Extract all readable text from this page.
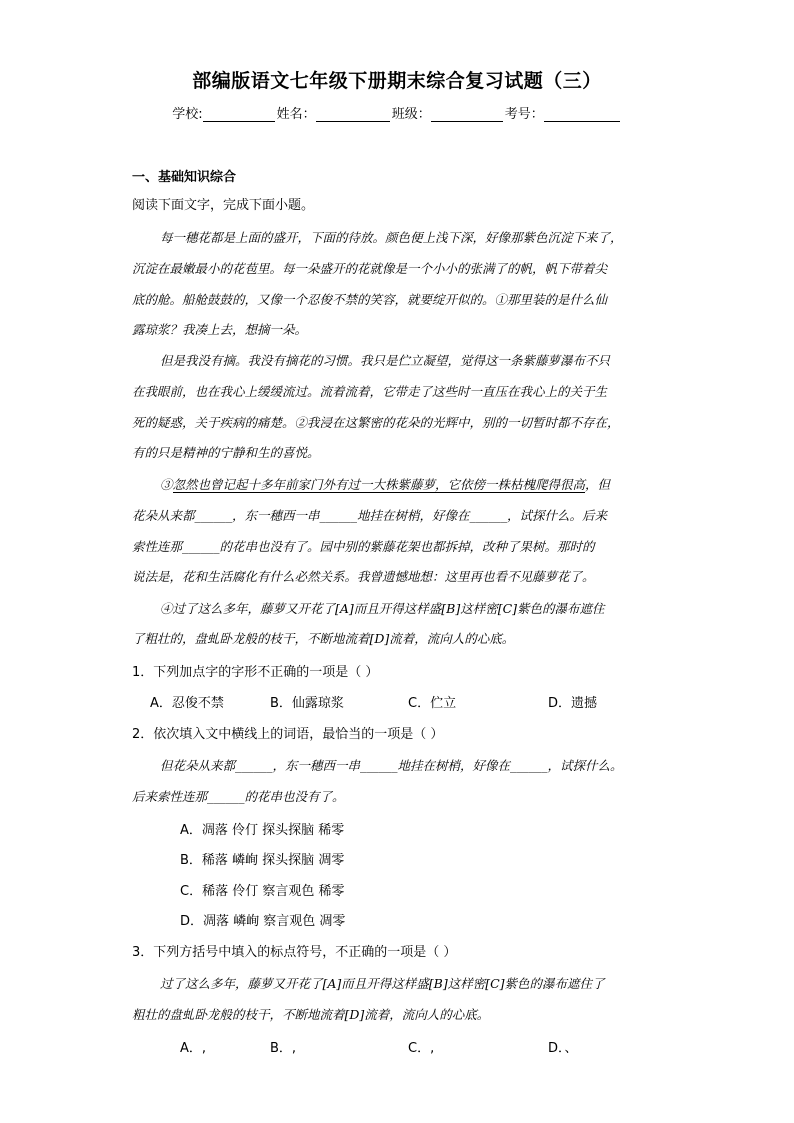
部编版语文七年级下册期末综合复习试题（三）
学校:	姓名：	班级：	考号：
一、基础知识综合
阅读下面文字，完成下面小题。
每一穗花都是上面的盛开，下面的待放。颜色便上浅下深，好像那紫色沉淀下来了，
沉淀在最嫩最小的花苞里。每一朵盛开的花就像是一个小小的张满了的帆，帆下带着尖
底的舱。船舱鼓鼓的，又像一个忍俊不禁的笑容，就要绽开似的。①那里装的是什么仙
露琼浆？我凑上去，想摘一朵。
但是我没有摘。我没有摘花的习惯。我只是伫立凝望，觉得这一条紫藤萝瀑布不只
在我眼前，也在我心上缓缓流过。流着流着，它带走了这些时一直压在我心上的关于生
死的疑惑，关于疾病的痛楚。②我浸在这繁密的花朵的光辉中，别的一切暂时都不存在，
有的只是精神的宁静和生的喜悦。
③忽然也曾记起十多年前家门外有过一大株紫藤萝，它依傍一株枯槐爬得很高，但
花朵从来都______，东一穗西一串______地挂在树梢，好像在______，试探什么。后来
索性连那______的花串也没有了。园中别的紫藤花架也都拆掉，改种了果树。那时的
说法是，花和生活腐化有什么必然关系。我曾遗憾地想：这里再也看不见藤萝花了。
④过了这么多年，藤萝又开花了[A]而且开得这样盛[B]这样密[C]紫色的瀑布遮住
了粗壮的，盘虬卧龙般的枝干，不断地流着[D]流着，流向人的心底。
1．下列加点字的字形不正确的一项是（ ）
A．忍俊不禁	B．仙露琼浆	C．伫立	D．遗撼
2．依次填入文中横线上的词语，最恰当的一项是（ ）
但花朵从来都______，东一穗西一串______地挂在树梢，好像在______，试探什么。
后来索性连那______的花串也没有了。
A．凋落 伶仃 探头探脑 稀零
B．稀落 嶙峋 探头探脑 凋零
C．稀落 伶仃 察言观色 稀零
D．凋落 嶙峋 察言观色 凋零
3．下列方括号中填入的标点符号，不正确的一项是（ ）
过了这么多年，藤萝又开花了[A]而且开得这样盛[B]这样密[C]紫色的瀑布遮住了
粗壮的盘虬卧龙般的枝干，不断地流着[D]流着，流向人的心底。
A．,	B．,	C．,	D．、
